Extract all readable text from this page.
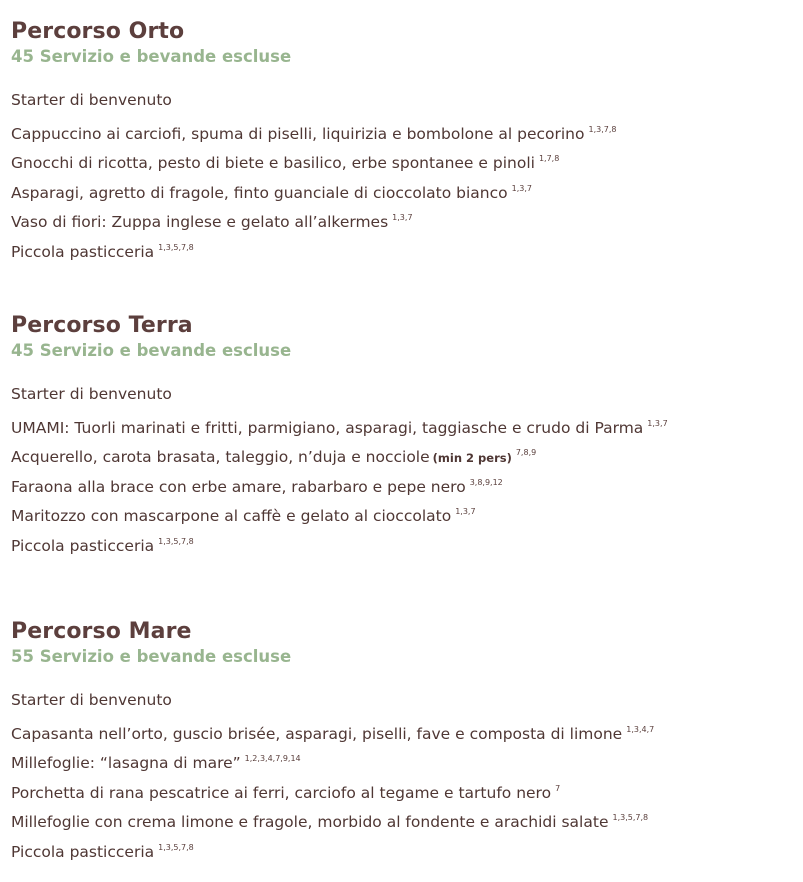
Percorso Orto

45 Servizio e bevande escluse

Starter di benvenuto
Cappuccino ai carciofi, spuma di piselli, liquirizia e bombolone al pecorino $^{1,3,7,8}$
Gnocchi di ricotta, pesto di biete e basilico, erbe spontanee e pinoli $^{1,7,8}$
Asparagi, agretto di fragole, finto guanciale di cioccolato bianco $^{1,3,7}$
Vaso di fiori: Zuppa inglese e gelato all’alkermes $^{1,3,7}$
Piccola pasticceria $^{1,3,5,7,8}$
Percorso Terra

45 Servizio e bevande escluse

Starter di benvenuto
UMAMI: Tuorli marinati e fritti, parmigiano, asparagi, taggiasche e crudo di Parma $^{1,3,7}$
Acquerello, carota brasata, taleggio, n’duja e nocciole (min 2 pers) $^{7,8,9}$
Faraona alla brace con erbe amare, rabarbaro e pepe nero $^{3,8,9,12}$
Maritozzo con mascarpone al caffè e gelato al cioccolato $^{1,3,7}$
Piccola pasticceria $^{1,3,5,7,8}$
Percorso Mare

55 Servizio e bevande escluse

Starter di benvenuto
Capasanta nell’orto, guscio brisée, asparagi, piselli, fave e composta di limone $^{1,3,4,7}$
Millefoglie: “lasagna di mare” $^{1,2,3,4,7,9,14}$
Porchetta di rana pescatrice ai ferri, carciofo al tegame e tartufo nero $^7$
Millefoglie con crema limone e fragole, morbido al fondente e arachidi salate $^{1,3,5,7,8}$
Piccola pasticceria $^{1,3,5,7,8}$
